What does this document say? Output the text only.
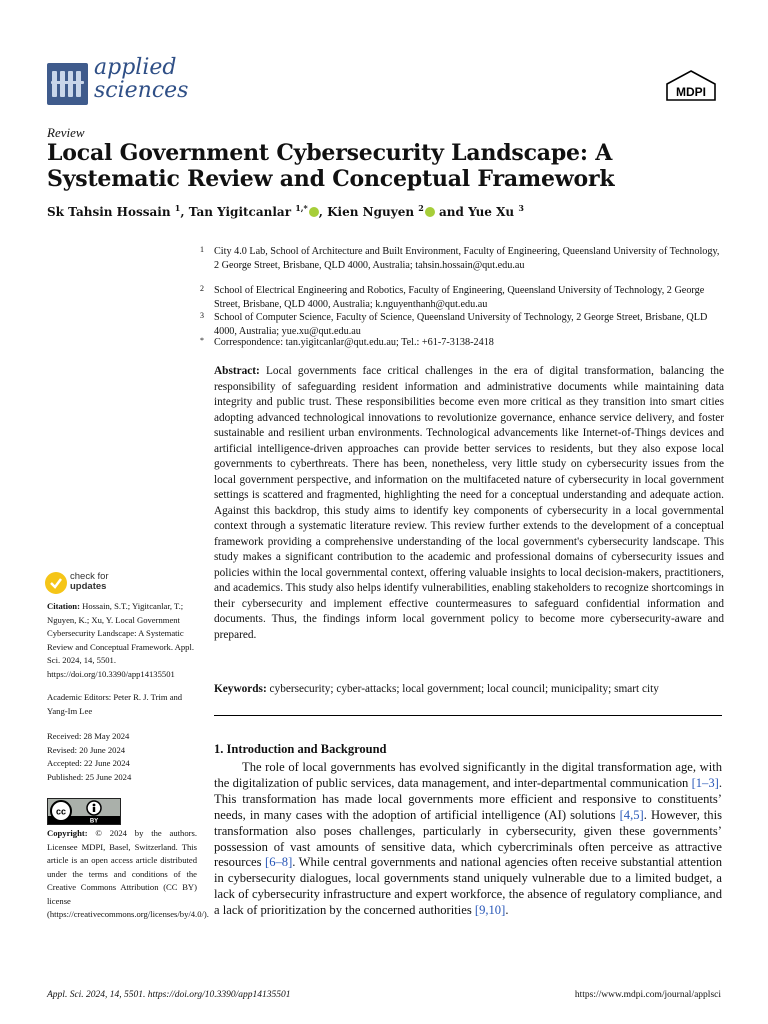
applied
sciences	MDPI
Review
Local Government Cybersecurity Landscape: A Systematic Review and Conceptual Framework
Sk Tahsin Hossain $^1$, Tan Yigitcanlar $^{1,*}$ , Kien Nguyen $^2$ and Yue Xu $^3$
1 City 4.0 Lab, School of Architecture and Built Environment, Faculty of Engineering, Queensland University of Technology, 2 George Street, Brisbane, QLD 4000, Australia; tahsin.hossain@qut.edu.au
2 School of Electrical Engineering and Robotics, Faculty of Engineering, Queensland University of Technology, 2 George Street, Brisbane, QLD 4000, Australia; k.nguyenthanh@qut.edu.au
3 School of Computer Science, Faculty of Science, Queensland University of Technology, 2 George Street, Brisbane, QLD 4000, Australia; yue.xu@qut.edu.au
* Correspondence: tan.yigitcanlar@qut.edu.au; Tel.: +61-7-3138-2418
Abstract: Local governments face critical challenges in the era of digital transformation, balancing the responsibility of safeguarding resident information and administrative documents while maintaining data integrity and public trust. These responsibilities become even more critical as they transition into smart cities adopting advanced technological innovations to revolutionize governance, enhance service delivery, and foster sustainable and resilient urban environments. Technological advancements like Internet-of-Things devices and artificial intelligence-driven approaches can provide better services to residents, but they also expose local governments to cyberthreats. There has been, nonetheless, very little study on cybersecurity issues from the local government perspective, and information on the multifaceted nature of cybersecurity in local government settings is scattered and fragmented, highlighting the need for a conceptual understanding and adequate action. Against this backdrop, this study aims to identify key components of cybersecurity in a local governmental context through a systematic literature review. This review further extends to the development of a conceptual framework providing a comprehensive understanding of the local government's cybersecurity landscape. This study makes a significant contribution to the academic and professional domains of cybersecurity issues and policies within the local governmental context, offering valuable insights to local decision-makers, practitioners, and academics. This study also helps identify vulnerabilities, enabling stakeholders to recognize shortcomings in their cybersecurity and implement effective countermeasures to safeguard confidential information and documents. Thus, the findings inform local government policy to become more cybersecurity-aware and prepared.
Keywords: cybersecurity; cyber-attacks; local government; local council; municipality; smart city
1. Introduction and Background
The role of local governments has evolved significantly in the digital transformation age, with the digitalization of public services, data management, and inter-departmental communication [1–3]. This transformation has made local governments more efficient and responsive to constituents’ needs, in many cases with the adoption of artificial intelligence (AI) solutions [4,5]. However, this transformation also poses challenges, particularly in cybersecurity, given these governments’ possession of vast amounts of sensitive data, which cybercriminals often perceive as attractive resources [6–8]. While central governments and national agencies often receive substantial attention in cybersecurity dialogues, local governments stand uniquely vulnerable due to a limited budget, a lack of cybersecurity infrastructure and expert workforce, the absence of regulatory compliance, and a lack of prioritization by the concerned authorities [9,10].
check for
updates
Citation: Hossain, S.T.; Yigitcanlar, T.; Nguyen, K.; Xu, Y. Local Government Cybersecurity Landscape: A Systematic Review and Conceptual Framework. Appl. Sci. 2024, 14, 5501. https://doi.org/10.3390/app14135501
Academic Editors: Peter R. J. Trim and Yang-Im Lee
Received: 28 May 2024
Revised: 20 June 2024
Accepted: 22 June 2024
Published: 25 June 2024
cc
BY
Copyright: © 2024 by the authors. Licensee MDPI, Basel, Switzerland. This article is an open access article distributed under the terms and conditions of the Creative Commons Attribution (CC BY) license (https://creativecommons.org/licenses/by/4.0/).
Appl. Sci. 2024, 14, 5501. https://doi.org/10.3390/app14135501	https://www.mdpi.com/journal/applsci
